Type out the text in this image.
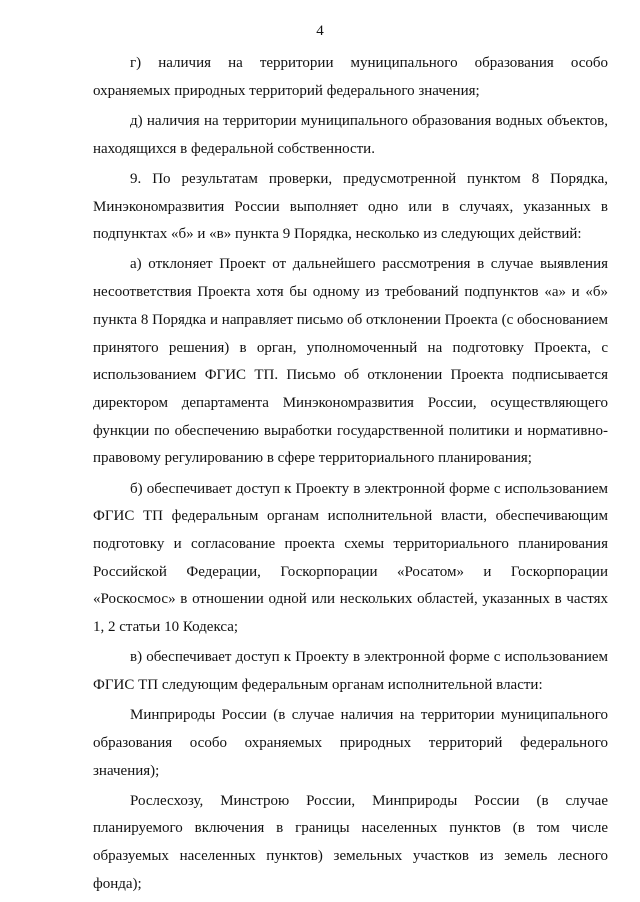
4

г) наличия на территории муниципального образования особо охраняемых природных территорий федерального значения;

д) наличия на территории муниципального образования водных объектов, находящихся в федеральной собственности.

9. По результатам проверки, предусмотренной пунктом 8 Порядка, Минэкономразвития России выполняет одно или в случаях, указанных в подпунктах «б» и «в» пункта 9 Порядка, несколько из следующих действий:

а) отклоняет Проект от дальнейшего рассмотрения в случае выявления несоответствия Проекта хотя бы одному из требований подпунктов «а» и «б» пункта 8 Порядка и направляет письмо об отклонении Проекта (с обоснованием принятого решения) в орган, уполномоченный на подготовку Проекта, с использованием ФГИС ТП. Письмо об отклонении Проекта подписывается директором департамента Минэкономразвития России, осуществляющего функции по обеспечению выработки государственной политики и нормативно-правовому регулированию в сфере территориального планирования;

б) обеспечивает доступ к Проекту в электронной форме с использованием ФГИС ТП федеральным органам исполнительной власти, обеспечивающим подготовку и согласование проекта схемы территориального планирования Российской Федерации, Госкорпорации «Росатом» и Госкорпорации «Роскосмос» в отношении одной или нескольких областей, указанных в частях 1, 2 статьи 10 Кодекса;

в) обеспечивает доступ к Проекту в электронной форме с использованием ФГИС ТП следующим федеральным органам исполнительной власти:

Минприроды России (в случае наличия на территории муниципального образования особо охраняемых природных территорий федерального значения);

Рослесхозу, Минстрою России, Минприроды России (в случае планируемого включения в границы населенных пунктов (в том числе образуемых населенных пунктов) земельных участков из земель лесного фонда);
